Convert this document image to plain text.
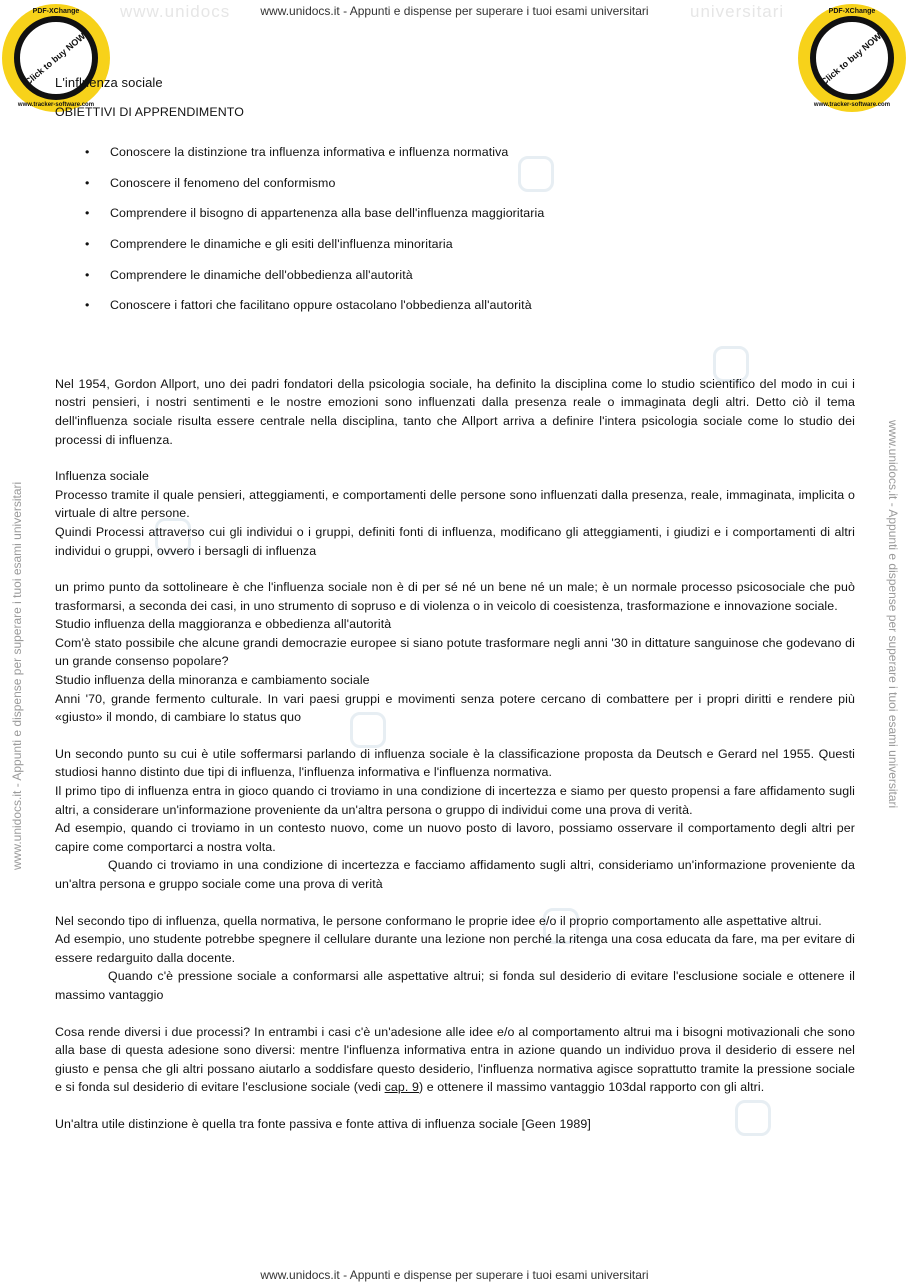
www.unidocs	universitari
www.unidocs.it - Appunti e dispense per superare i tuoi esami universitari
www.unidocs.it - Appunti e dispense per superare i tuoi esami universitari	www.unidocs.it - Appunti e dispense per superare i tuoi esami universitari
PDF-XChange
Click to buy NOW!
www.tracker-software.com
PDF-XChange
Click to buy NOW!
www.tracker-software.com

L'influenza sociale

OBIETTIVI DI APPRENDIMENTO

• Conoscere la distinzione tra influenza informativa e influenza normativa
• Conoscere il fenomeno del conformismo
• Comprendere il bisogno di appartenenza alla base dell'influenza maggioritaria
• Comprendere le dinamiche e gli esiti dell'influenza minoritaria
• Comprendere le dinamiche dell'obbedienza all'autorità
• Conoscere i fattori che facilitano oppure ostacolano l'obbedienza all'autorità

Nel 1954, Gordon Allport, uno dei padri fondatori della psicologia sociale, ha definito la disciplina come lo studio scientifico del modo in cui i nostri pensieri, i nostri sentimenti e le nostre emozioni sono influenzati dalla presenza reale o immaginata degli altri. Detto ciò il tema dell'influenza sociale risulta essere centrale nella disciplina, tanto che Allport arriva a definire l'intera psicologia sociale come lo studio dei processi di influenza.

Influenza sociale

Processo tramite il quale pensieri, atteggiamenti, e comportamenti delle persone sono influenzati dalla presenza, reale, immaginata, implicita o virtuale di altre persone.

Quindi Processi attraverso cui gli individui o i gruppi, definiti fonti di influenza, modificano gli atteggiamenti, i giudizi e i comportamenti di altri individui o gruppi, ovvero i bersagli di influenza

un primo punto da sottolineare è che l'influenza sociale non è di per sé né un bene né un male; è un normale processo psicosociale che può trasformarsi, a seconda dei casi, in uno strumento di sopruso e di violenza o in veicolo di coesistenza, trasformazione e innovazione sociale.

Studio influenza della maggioranza e obbedienza all'autorità

Com'è stato possibile che alcune grandi democrazie europee si siano potute trasformare negli anni '30 in dittature sanguinose che godevano di un grande consenso popolare?

Studio influenza della minoranza e cambiamento sociale

Anni '70, grande fermento culturale. In vari paesi gruppi e movimenti senza potere cercano di combattere per i propri diritti e rendere più «giusto» il mondo, di cambiare lo status quo

Un secondo punto su cui è utile soffermarsi parlando di influenza sociale è la classificazione proposta da Deutsch e Gerard nel 1955. Questi studiosi hanno distinto due tipi di influenza, l'influenza informativa e l'influenza normativa.

Il primo tipo di influenza entra in gioco quando ci troviamo in una condizione di incertezza e siamo per questo propensi a fare affidamento sugli altri, a considerare un'informazione proveniente da un'altra persona o gruppo di individui come una prova di verità.

Ad esempio, quando ci troviamo in un contesto nuovo, come un nuovo posto di lavoro, possiamo osservare il comportamento degli altri per capire come comportarci a nostra volta.

Quando ci troviamo in una condizione di incertezza e facciamo affidamento sugli altri, consideriamo un'informazione proveniente da un'altra persona e gruppo sociale come una prova di verità

Nel secondo tipo di influenza, quella normativa, le persone conformano le proprie idee e/o il proprio comportamento alle aspettative altrui.

Ad esempio, uno studente potrebbe spegnere il cellulare durante una lezione non perché la ritenga una cosa educata da fare, ma per evitare di essere redarguito dalla docente.

Quando c'è pressione sociale a conformarsi alle aspettative altrui; si fonda sul desiderio di evitare l'esclusione sociale e ottenere il massimo vantaggio

Cosa rende diversi i due processi? In entrambi i casi c'è un'adesione alle idee e/o al comportamento altrui ma i bisogni motivazionali che sono alla base di questa adesione sono diversi: mentre l'influenza informativa entra in azione quando un individuo prova il desiderio di essere nel giusto e pensa che gli altri possano aiutarlo a soddisfare questo desiderio, l'influenza normativa agisce soprattutto tramite la pressione sociale e si fonda sul desiderio di evitare l'esclusione sociale (vedi cap. 9) e ottenere il massimo vantaggio 103dal rapporto con gli altri.

Un'altra utile distinzione è quella tra fonte passiva e fonte attiva di influenza sociale [Geen 1989]

www.unidocs.it - Appunti e dispense per superare i tuoi esami universitari
